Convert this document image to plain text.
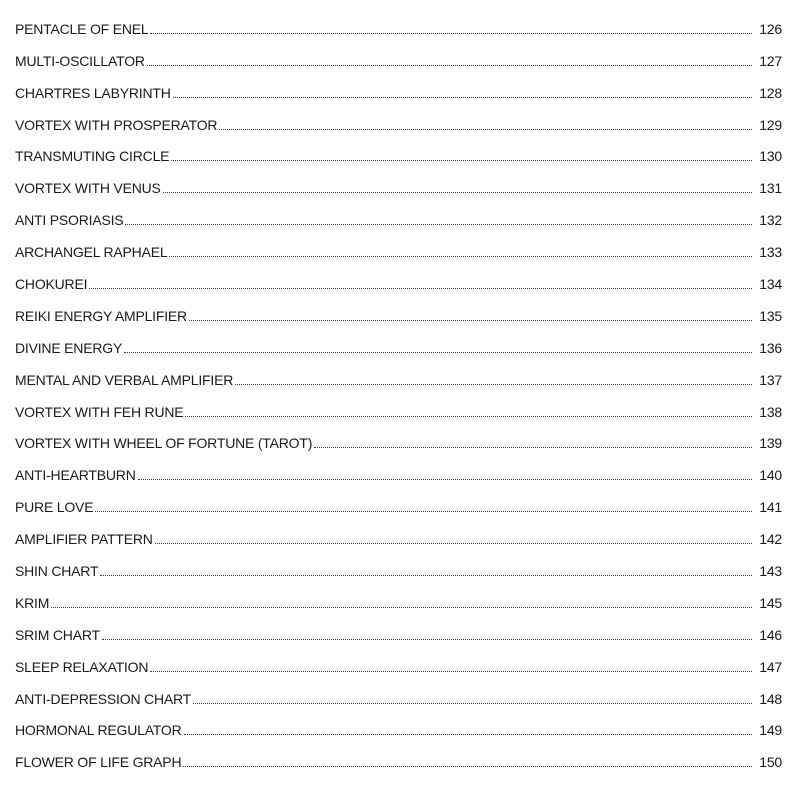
PENTACLE OF ENEL	126
MULTI-OSCILLATOR	127
CHARTRES LABYRINTH	128
VORTEX WITH PROSPERATOR	129
TRANSMUTING CIRCLE	130
VORTEX WITH VENUS	131
ANTI PSORIASIS	132
ARCHANGEL RAPHAEL	133
CHOKUREI	134
REIKI ENERGY AMPLIFIER	135
DIVINE ENERGY	136
MENTAL AND VERBAL AMPLIFIER	137
VORTEX WITH FEH RUNE	138
VORTEX WITH WHEEL OF FORTUNE (TAROT)	139
ANTI-HEARTBURN	140
PURE LOVE	141
AMPLIFIER PATTERN	142
SHIN CHART	143
KRIM	145
SRIM CHART	146
SLEEP RELAXATION	147
ANTI-DEPRESSION CHART	148
HORMONAL REGULATOR	149
FLOWER OF LIFE GRAPH	150
